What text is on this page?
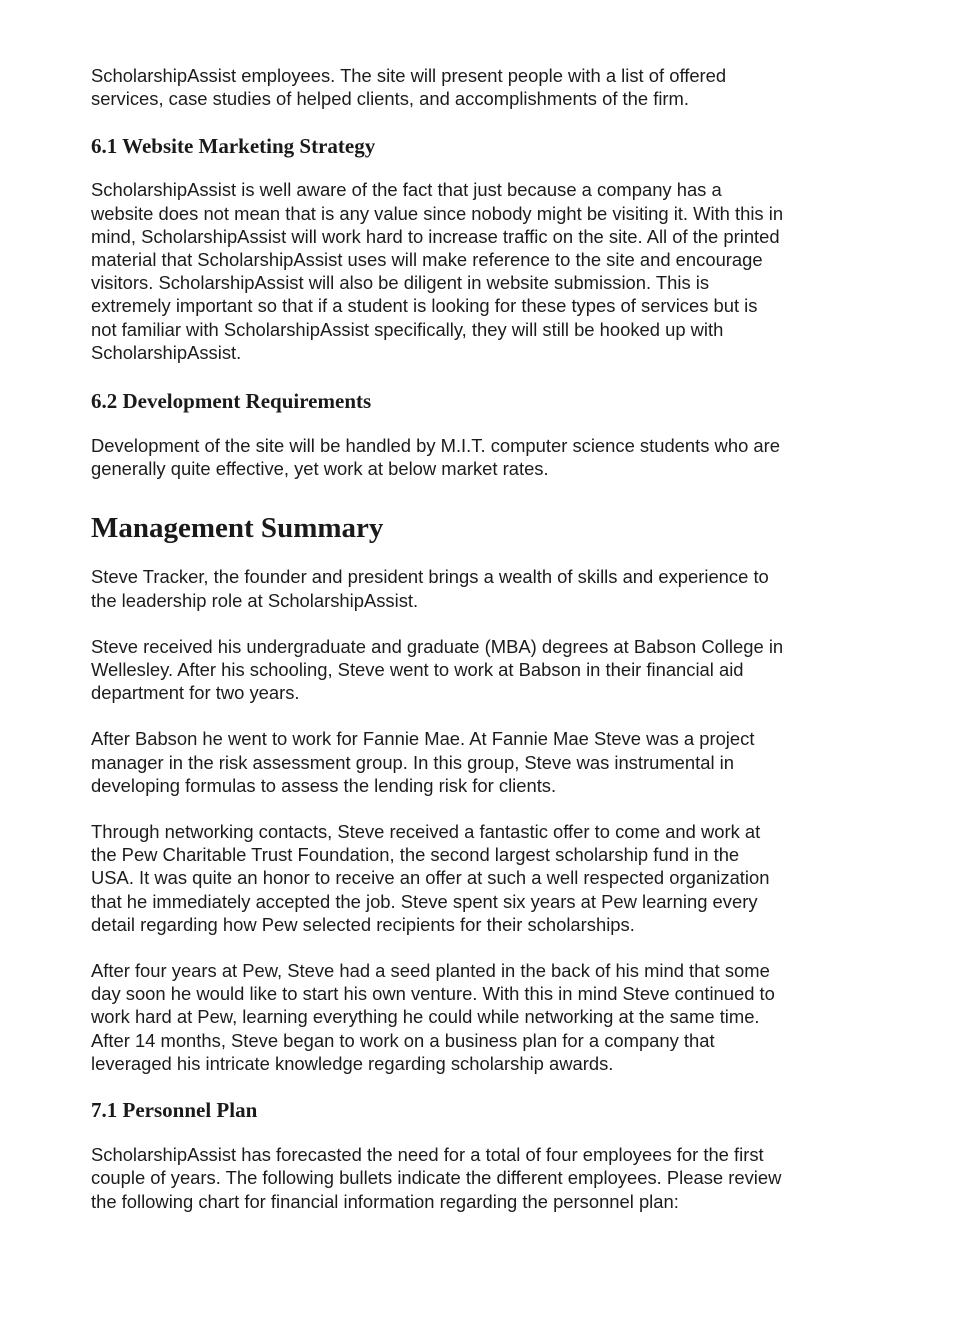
ScholarshipAssist employees. The site will present people with a list of offered
services, case studies of helped clients, and accomplishments of the firm.

6.1 Website Marketing Strategy

ScholarshipAssist is well aware of the fact that just because a company has a
website does not mean that is any value since nobody might be visiting it. With this in
mind, ScholarshipAssist will work hard to increase traffic on the site. All of the printed
material that ScholarshipAssist uses will make reference to the site and encourage
visitors. ScholarshipAssist will also be diligent in website submission. This is
extremely important so that if a student is looking for these types of services but is
not familiar with ScholarshipAssist specifically, they will still be hooked up with
ScholarshipAssist.

6.2 Development Requirements

Development of the site will be handled by M.I.T. computer science students who are
generally quite effective, yet work at below market rates.

Management Summary

Steve Tracker, the founder and president brings a wealth of skills and experience to
the leadership role at ScholarshipAssist.

Steve received his undergraduate and graduate (MBA) degrees at Babson College in
Wellesley. After his schooling, Steve went to work at Babson in their financial aid
department for two years.

After Babson he went to work for Fannie Mae. At Fannie Mae Steve was a project
manager in the risk assessment group. In this group, Steve was instrumental in
developing formulas to assess the lending risk for clients.

Through networking contacts, Steve received a fantastic offer to come and work at
the Pew Charitable Trust Foundation, the second largest scholarship fund in the
USA. It was quite an honor to receive an offer at such a well respected organization
that he immediately accepted the job. Steve spent six years at Pew learning every
detail regarding how Pew selected recipients for their scholarships.

After four years at Pew, Steve had a seed planted in the back of his mind that some
day soon he would like to start his own venture. With this in mind Steve continued to
work hard at Pew, learning everything he could while networking at the same time.
After 14 months, Steve began to work on a business plan for a company that
leveraged his intricate knowledge regarding scholarship awards.

7.1 Personnel Plan

ScholarshipAssist has forecasted the need for a total of four employees for the first
couple of years. The following bullets indicate the different employees. Please review
the following chart for financial information regarding the personnel plan:
